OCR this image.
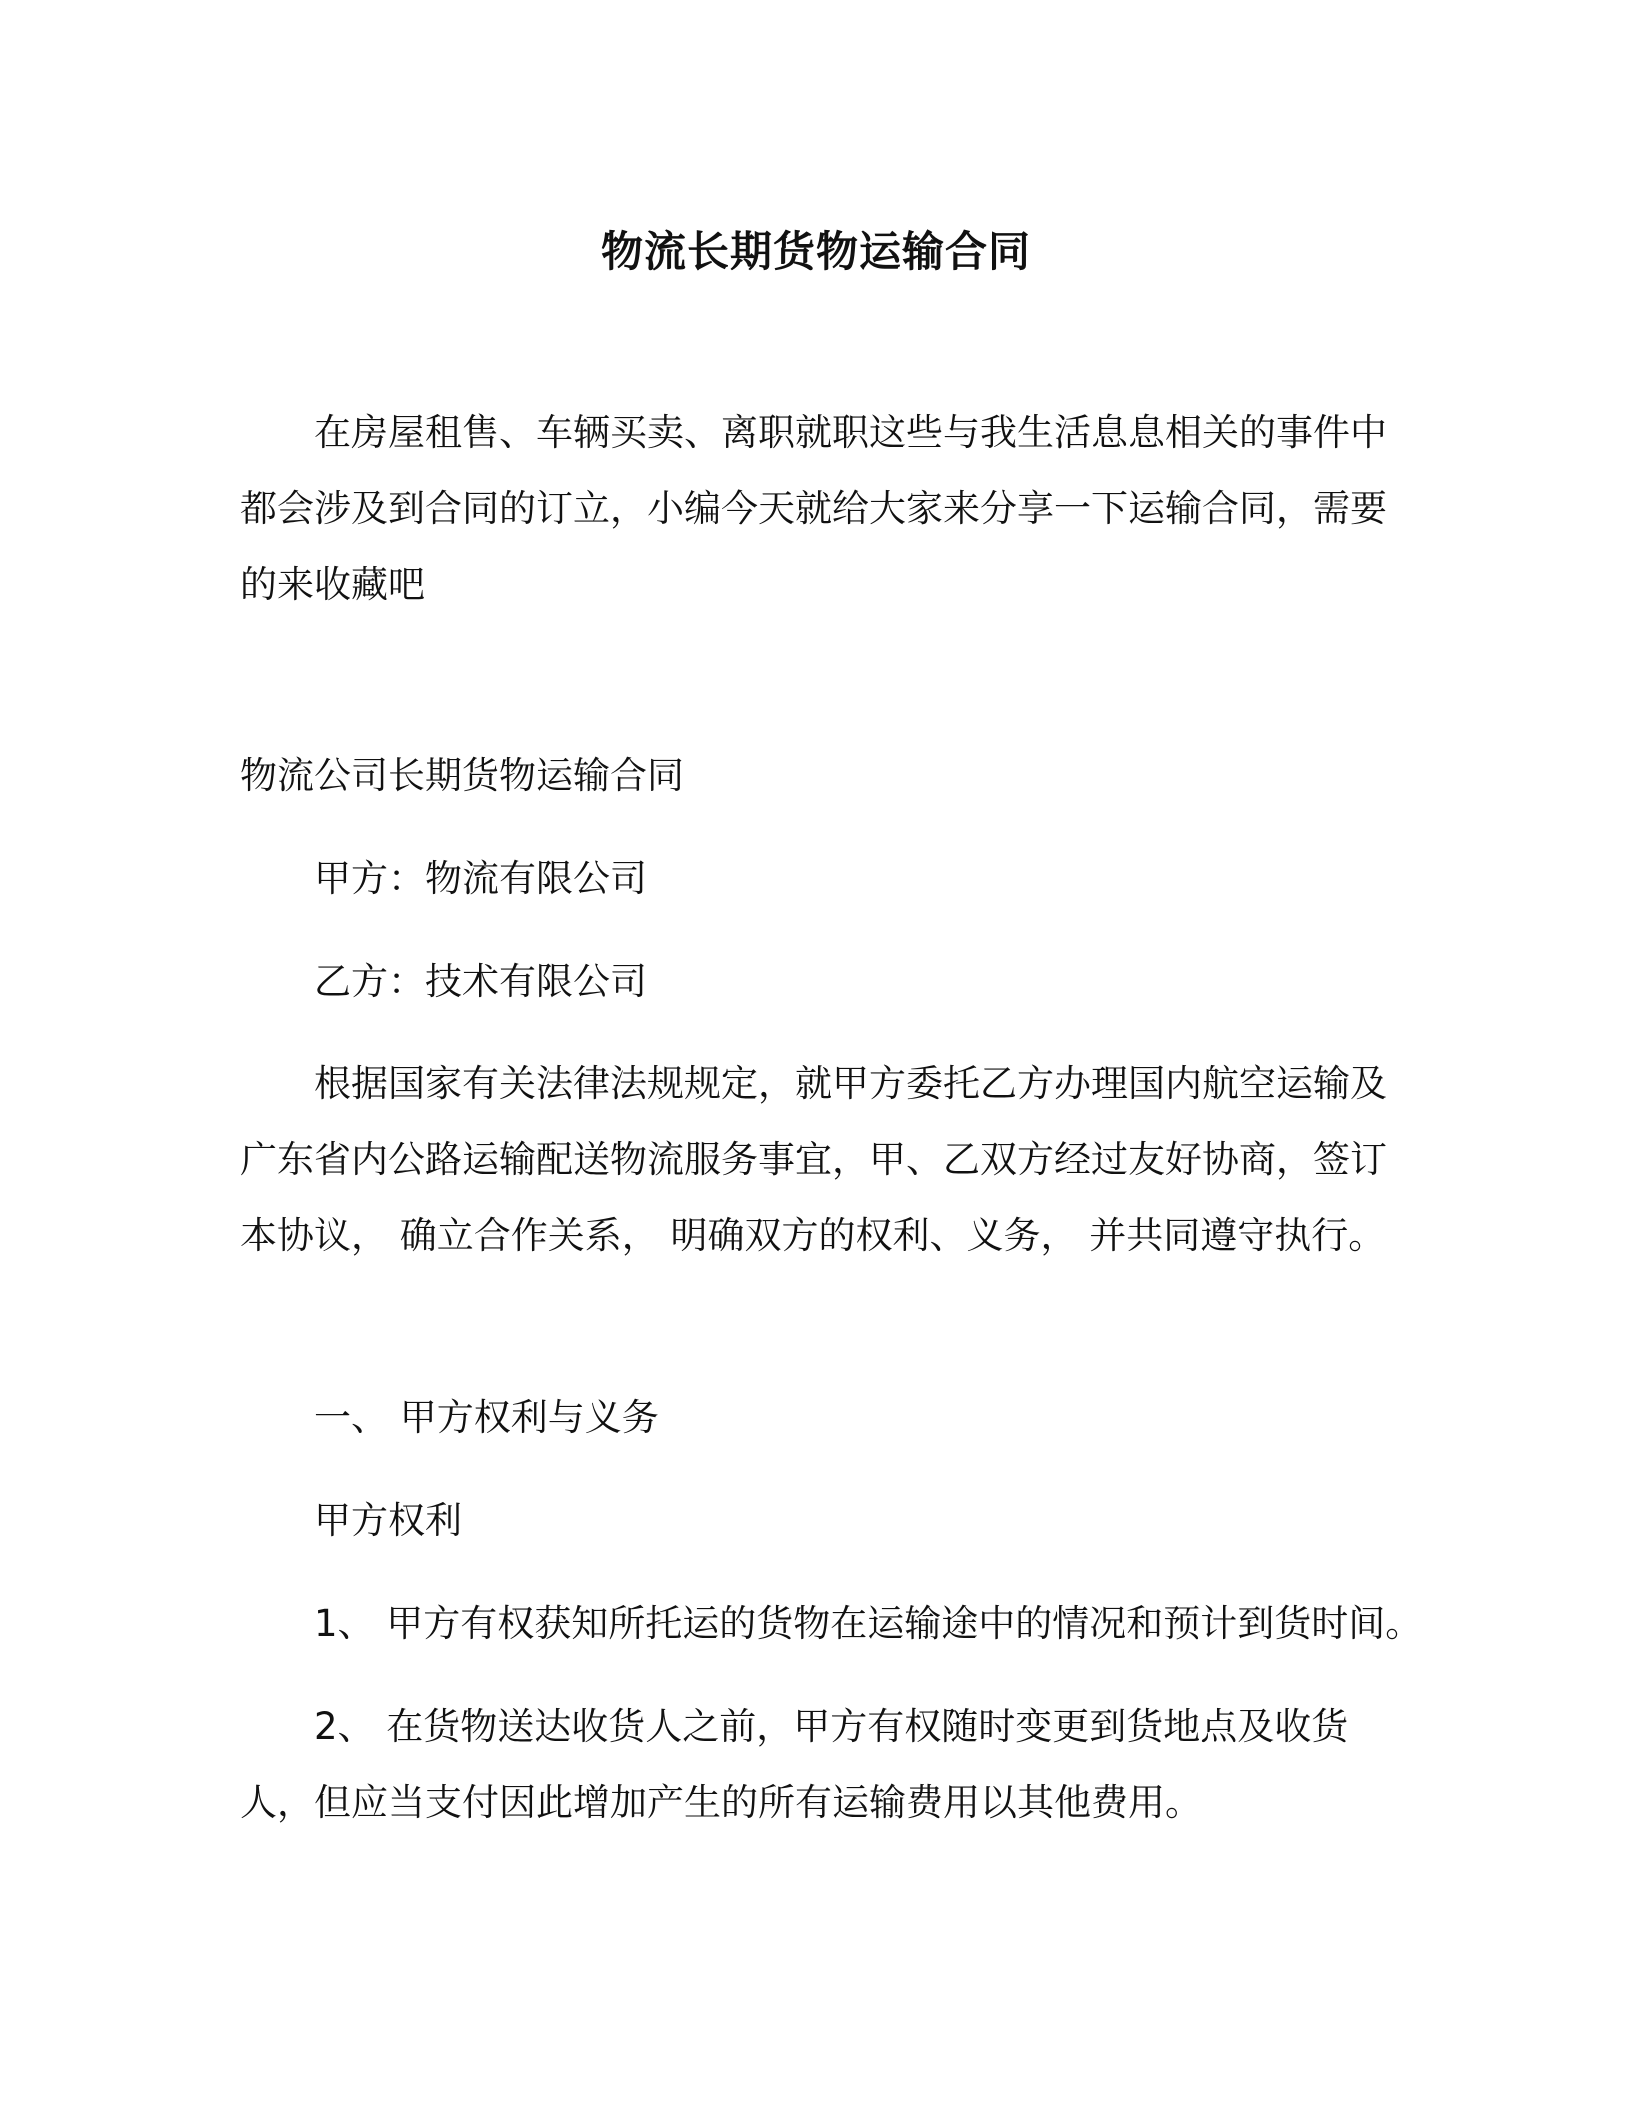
物流长期货物运输合同

在房屋租售、车辆买卖、离职就职这些与我生活息息相关的事件中都会涉及到合同的订立，小编今天就给大家来分享一下运输合同，需要的来收藏吧

物流公司长期货物运输合同

甲方：物流有限公司

乙方：技术有限公司

根据国家有关法律法规规定，就甲方委托乙方办理国内航空运输及广东省内公路运输配送物流服务事宜，甲、乙双方经过友好协商，签订本协议， 确立合作关系， 明确双方的权利、义务， 并共同遵守执行。

一、 甲方权利与义务

甲方权利

1、 甲方有权获知所托运的货物在运输途中的情况和预计到货时间。

2、 在货物送达收货人之前，甲方有权随时变更到货地点及收货人，但应当支付因此增加产生的所有运输费用以其他费用。
